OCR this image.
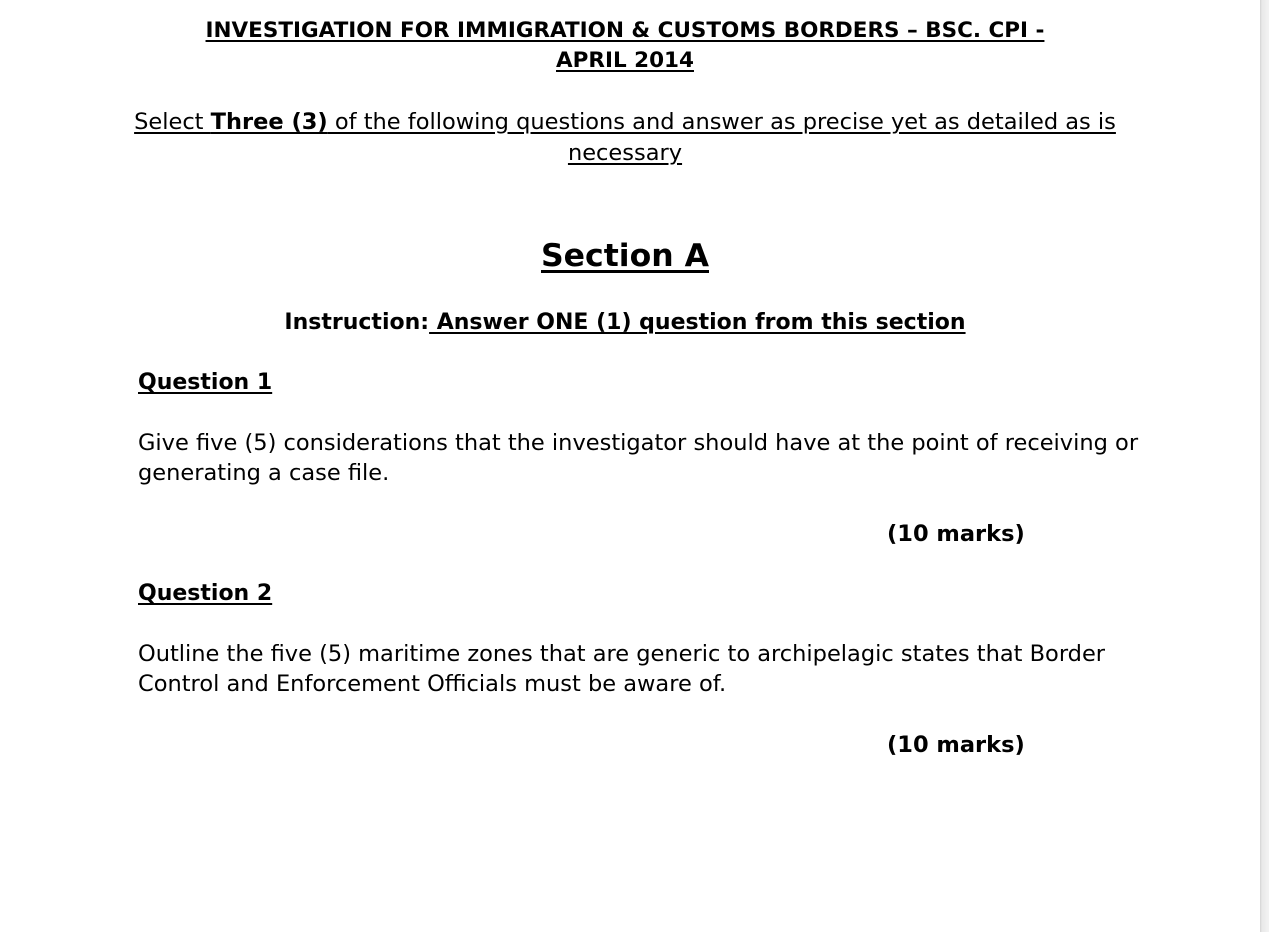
INVESTIGATION FOR IMMIGRATION & CUSTOMS BORDERS – BSC. CPI -
APRIL 2014
Select Three (3) of the following questions and answer as precise yet as detailed as is
necessary
Section A
Instruction: Answer ONE (1) question from this section
Question 1
Give five (5) considerations that the investigator should have at the point of receiving or
generating a case file.
(10 marks)
Question 2
Outline the five (5) maritime zones that are generic to archipelagic states that Border
Control and Enforcement Officials must be aware of.
(10 marks)
